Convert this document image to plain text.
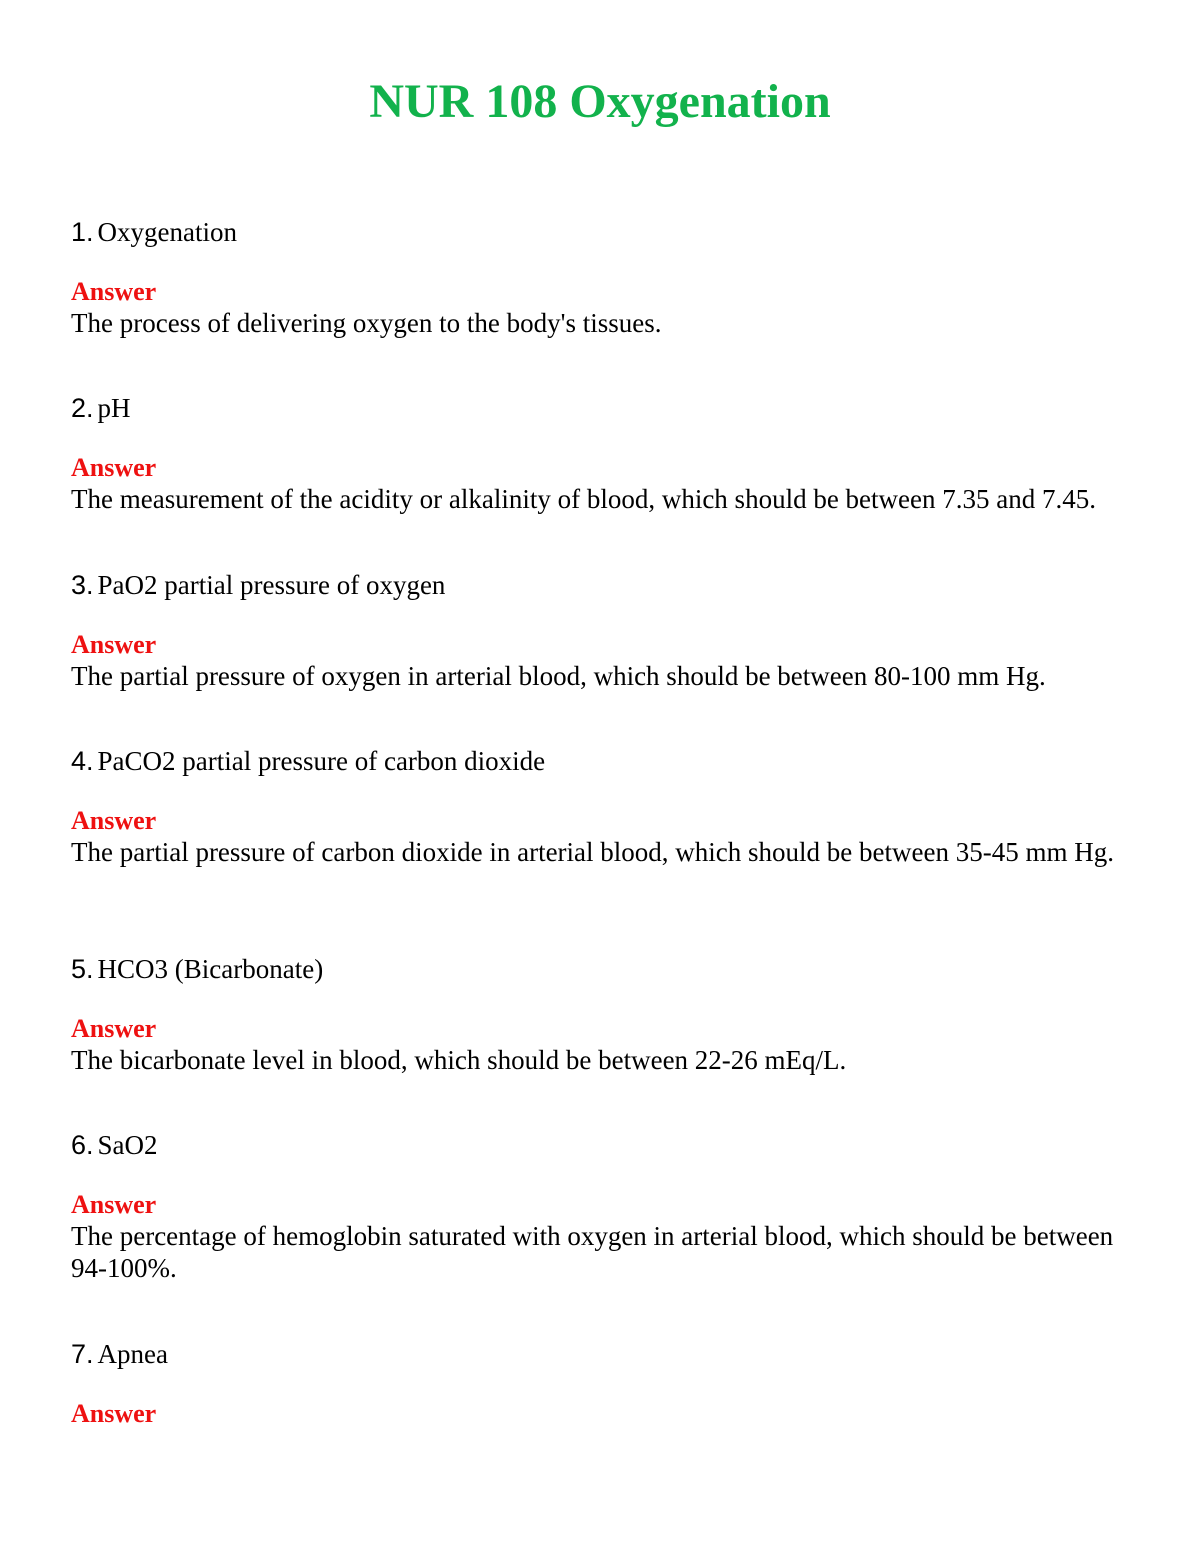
NUR 108 Oxygenation
1. Oxygenation
Answer
The process of delivering oxygen to the body's tissues.
2. pH
Answer
The measurement of the acidity or alkalinity of blood, which should be between 7.35 and 7.45.
3. PaO2 partial pressure of oxygen
Answer
The partial pressure of oxygen in arterial blood, which should be between 80-100 mm Hg.
4. PaCO2 partial pressure of carbon dioxide
Answer
The partial pressure of carbon dioxide in arterial blood, which should be between 35-45 mm Hg.
5. HCO3 (Bicarbonate)
Answer
The bicarbonate level in blood, which should be between 22-26 mEq/L.
6. SaO2
Answer
The percentage of hemoglobin saturated with oxygen in arterial blood, which should be between 94-100%.
7. Apnea
Answer
